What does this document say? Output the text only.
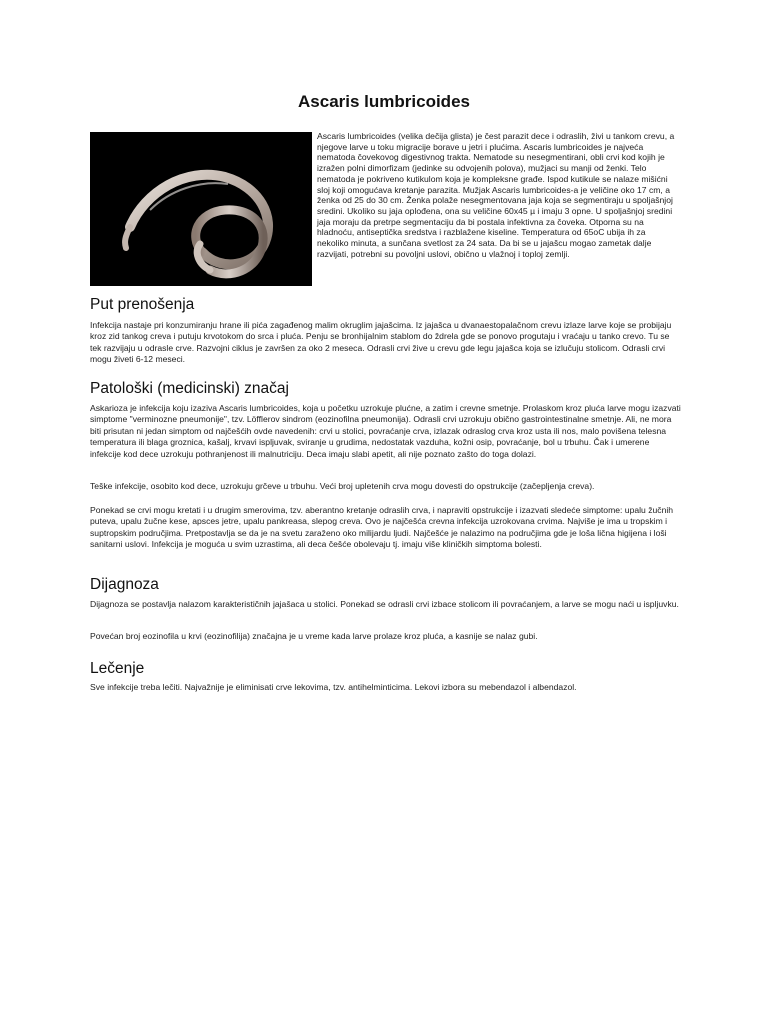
Ascaris lumbricoides

Ascaris lumbricoides (velika dečija glista) je čest parazit dece i odraslih, živi u tankom crevu, a njegove larve u toku migracije borave u jetri i plućima. Ascaris lumbricoides je najveća nematoda čovekovog digestivnog trakta. Nematode su nesegmentirani, obli crvi kod kojih je izražen polni dimorfizam (jedinke su odvojenih polova), mužjaci su manji od ženki. Telo nematoda je pokriveno kutikulom koja je kompleksne građe. Ispod kutikule se nalaze mišićni sloj koji omogućava kretanje parazita. Mužjak Ascaris lumbricoides-a je veličine oko 17 cm, a ženka od 25 do 30 cm. Ženka polaže nesegmentovana jaja koja se segmentiraju u spoljašnjoj sredini. Ukoliko su jaja oplođena, ona su veličine 60x45 µ i imaju 3 opne. U spoljašnjoj sredini jaja moraju da pretrpe segmentaciju da bi postala infektivna za čoveka. Otporna su na hladnoću, antiseptička sredstva i razblažene kiseline. Temperatura od 65oC ubija ih za nekoliko minuta, a sunčana svetlost za 24 sata. Da bi se u jajašcu mogao zametak dalje razvijati, potrebni su povoljni uslovi, obično u vlažnoj i toploj zemlji.

Put prenošenja

Infekcija nastaje pri konzumiranju hrane ili pića zagađenog malim okruglim jajašcima. Iz jajašca u dvanaestopalačnom crevu izlaze larve koje se probijaju kroz zid tankog creva i putuju krvotokom do srca i pluća. Penju se bronhijalnim stablom do ždrela gde se ponovo progutaju i vraćaju u tanko crevo. Tu se tek razvijaju u odrasle crve. Razvojni ciklus je završen za oko 2 meseca. Odrasli crvi žive u crevu gde legu jajašca koja se izlučuju stolicom. Odrasli crvi mogu živeti 6-12 meseci.

Patološki (medicinski) značaj

Askarioza je infekcija koju izaziva Ascaris lumbricoides, koja u početku uzrokuje plućne, a zatim i crevne smetnje. Prolaskom kroz pluća larve mogu izazvati simptome "verminozne pneumonije", tzv. Löfflerov sindrom (eozinofilna pneumonija). Odrasli crvi uzrokuju obično gastrointestinalne smetnje. Ali, ne mora biti prisutan ni jedan simptom od najčešćih ovde navedenih: crvi u stolici, povraćanje crva, izlazak odraslog crva kroz usta ili nos, malo povišena telesna temperatura ili blaga groznica, kašalj, krvavi ispljuvak, sviranje u grudima, nedostatak vazduha, kožni osip, povraćanje, bol u trbuhu. Čak i umerene infekcije kod dece uzrokuju pothranjenost ili malnutriciju. Deca imaju slabi apetit, ali nije poznato zašto do toga dolazi.

Teške infekcije, osobito kod dece, uzrokuju grčeve u trbuhu. Veći broj upletenih crva mogu dovesti do opstrukcije (začepljenja creva).

Ponekad se crvi mogu kretati i u drugim smerovima, tzv. aberantno kretanje odraslih crva, i napraviti opstrukcije i izazvati sledeće simptome: upalu žučnih puteva, upalu žučne kese, apsces jetre, upalu pankreasa, slepog creva. Ovo je najčešća crevna infekcija uzrokovana crvima. Najviše je ima u tropskim i suptropskim područjima. Pretpostavlja se da je na svetu zaraženo oko milijardu ljudi. Najčešće je nalazimo na područjima gde je loša lična higijena i loši sanitarni uslovi. Infekcija je moguća u svim uzrastima, ali deca češće obolevaju tj. imaju više kliničkih simptoma bolesti.

Dijagnoza

Dijagnoza se postavlja nalazom karakterističnih jajašaca u stolici. Ponekad se odrasli crvi izbace stolicom ili povraćanjem, a larve se mogu naći u ispljuvku.

Povećan broj eozinofila u krvi (eozinofilija) značajna je u vreme kada larve prolaze kroz pluća, a kasnije se nalaz gubi.

Lečenje

Sve infekcije treba lečiti. Najvažnije je eliminisati crve lekovima, tzv. antihelminticima. Lekovi izbora su mebendazol i albendazol.
